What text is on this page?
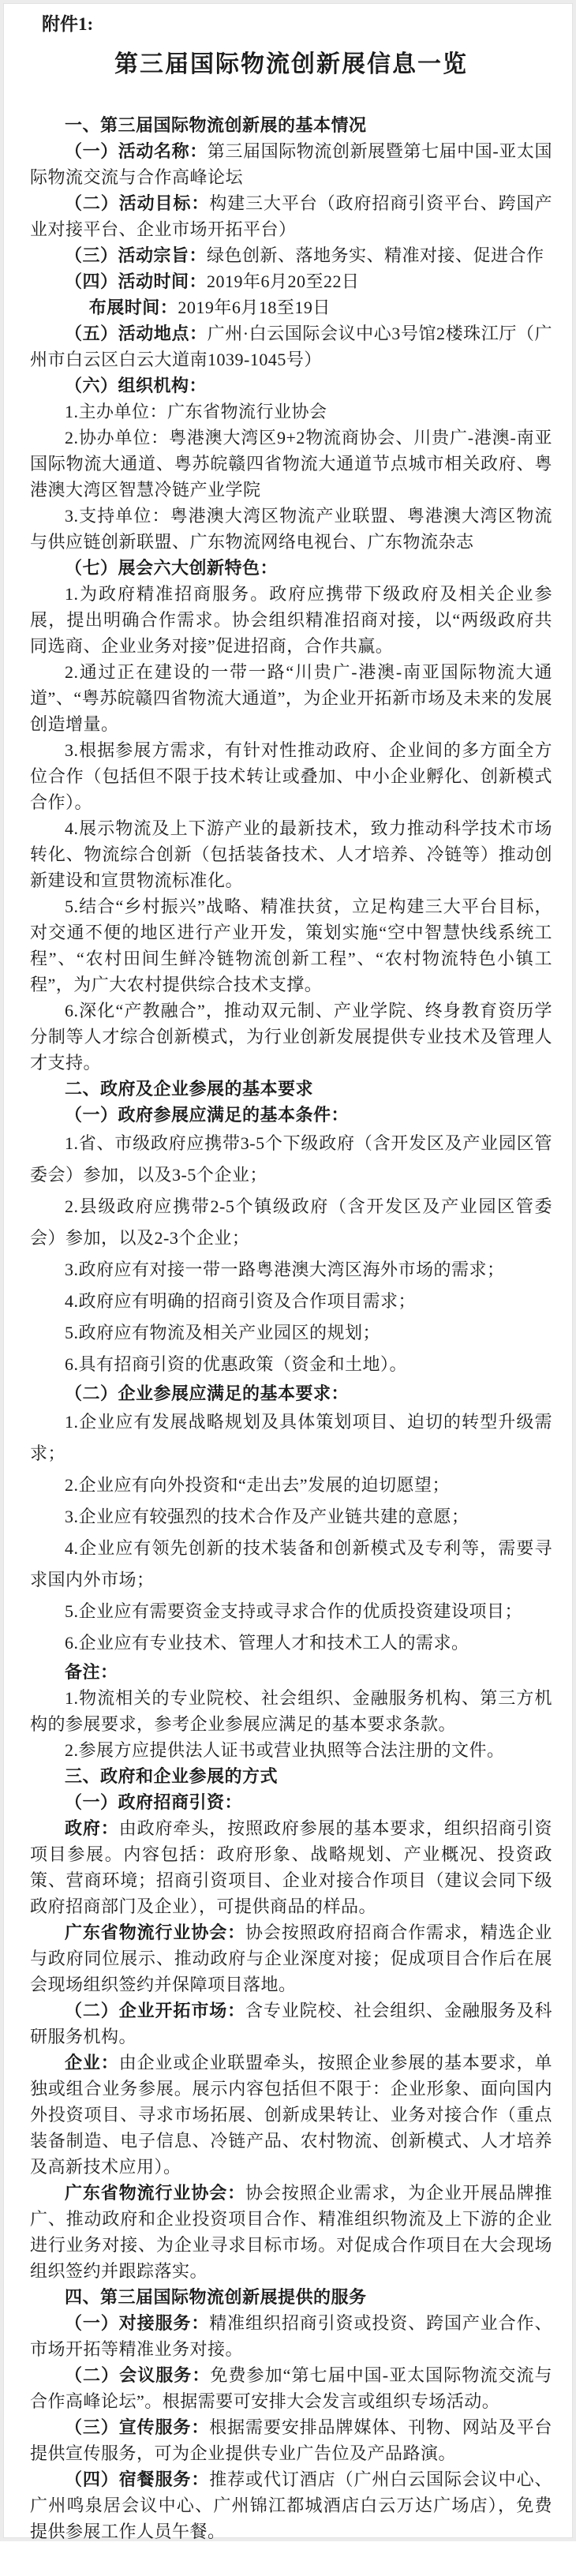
附件1:
第三届国际物流创新展信息一览

一、第三届国际物流创新展的基本情况

（一）活动名称：第三届国际物流创新展暨第七届中国-亚太国际物流交流与合作高峰论坛

（二）活动目标：构建三大平台（政府招商引资平台、跨国产业对接平台、企业市场开拓平台）

（三）活动宗旨：绿色创新、落地务实、精准对接、促进合作

（四）活动时间：2019年6月20至22日

布展时间：2019年6月18至19日

（五）活动地点：广州·白云国际会议中心3号馆2楼珠江厅（广州市白云区白云大道南1039-1045号）

（六）组织机构：

1.主办单位：广东省物流行业协会

2.协办单位：粤港澳大湾区9+2物流商协会、川贵广-港澳-南亚国际物流大通道、粤苏皖赣四省物流大通道节点城市相关政府、粤港澳大湾区智慧冷链产业学院

3.支持单位：粤港澳大湾区物流产业联盟、粤港澳大湾区物流与供应链创新联盟、广东物流网络电视台、广东物流杂志

（七）展会六大创新特色：

1.为政府精准招商服务。政府应携带下级政府及相关企业参展，提出明确合作需求。协会组织精准招商对接，以“两级政府共同选商、企业业务对接”促进招商，合作共赢。

2.通过正在建设的一带一路“川贵广-港澳-南亚国际物流大通道”、“粤苏皖赣四省物流大通道”，为企业开拓新市场及未来的发展创造增量。

3.根据参展方需求，有针对性推动政府、企业间的多方面全方位合作（包括但不限于技术转让或叠加、中小企业孵化、创新模式合作）。

4.展示物流及上下游产业的最新技术，致力推动科学技术市场转化、物流综合创新（包括装备技术、人才培养、冷链等）推动创新建设和宣贯物流标准化。

5.结合“乡村振兴”战略、精准扶贫，立足构建三大平台目标，对交通不便的地区进行产业开发，策划实施“空中智慧快线系统工程”、“农村田间生鲜冷链物流创新工程”、“农村物流特色小镇工程”，为广大农村提供综合技术支撑。

6.深化“产教融合”，推动双元制、产业学院、终身教育资历学分制等人才综合创新模式，为行业创新发展提供专业技术及管理人才支持。

二、政府及企业参展的基本要求

（一）政府参展应满足的基本条件：

1.省、市级政府应携带3-5个下级政府（含开发区及产业园区管委会）参加，以及3-5个企业；

2.县级政府应携带2-5个镇级政府（含开发区及产业园区管委会）参加，以及2-3个企业；

3.政府应有对接一带一路粤港澳大湾区海外市场的需求；

4.政府应有明确的招商引资及合作项目需求；

5.政府应有物流及相关产业园区的规划；

6.具有招商引资的优惠政策（资金和土地）。

（二）企业参展应满足的基本要求：

1.企业应有发展战略规划及具体策划项目、迫切的转型升级需求；

2.企业应有向外投资和“走出去”发展的迫切愿望；

3.企业应有较强烈的技术合作及产业链共建的意愿；

4.企业应有领先创新的技术装备和创新模式及专利等，需要寻求国内外市场；

5.企业应有需要资金支持或寻求合作的优质投资建设项目；

6.企业应有专业技术、管理人才和技术工人的需求。

备注：

1.物流相关的专业院校、社会组织、金融服务机构、第三方机构的参展要求，参考企业参展应满足的基本要求条款。

2.参展方应提供法人证书或营业执照等合法注册的文件。

三、政府和企业参展的方式

（一）政府招商引资：

政府：由政府牵头，按照政府参展的基本要求，组织招商引资项目参展。内容包括：政府形象、战略规划、产业概况、投资政策、营商环境；招商引资项目、企业对接合作项目（建议会同下级政府招商部门及企业），可提供商品的样品。

广东省物流行业协会：协会按照政府招商合作需求，精选企业与政府同位展示、推动政府与企业深度对接；促成项目合作后在展会现场组织签约并保障项目落地。

（二）企业开拓市场：含专业院校、社会组织、金融服务及科研服务机构。

企业：由企业或企业联盟牵头，按照企业参展的基本要求，单独或组合业务参展。展示内容包括但不限于：企业形象、面向国内外投资项目、寻求市场拓展、创新成果转让、业务对接合作（重点装备制造、电子信息、冷链产品、农村物流、创新模式、人才培养及高新技术应用）。

广东省物流行业协会：协会按照企业需求，为企业开展品牌推广、推动政府和企业投资项目合作、精准组织物流及上下游的企业进行业务对接、为企业寻求目标市场。对促成合作项目在大会现场组织签约并跟踪落实。

四、第三届国际物流创新展提供的服务

（一）对接服务：精准组织招商引资或投资、跨国产业合作、市场开拓等精准业务对接。

（二）会议服务：免费参加“第七届中国-亚太国际物流交流与合作高峰论坛”。根据需要可安排大会发言或组织专场活动。

（三）宣传服务：根据需要安排品牌媒体、刊物、网站及平台提供宣传服务，可为企业提供专业广告位及产品路演。

（四）宿餐服务：推荐或代订酒店（广州白云国际会议中心、广州鸣泉居会议中心、广州锦江都城酒店白云万达广场店），免费提供参展工作人员午餐。
